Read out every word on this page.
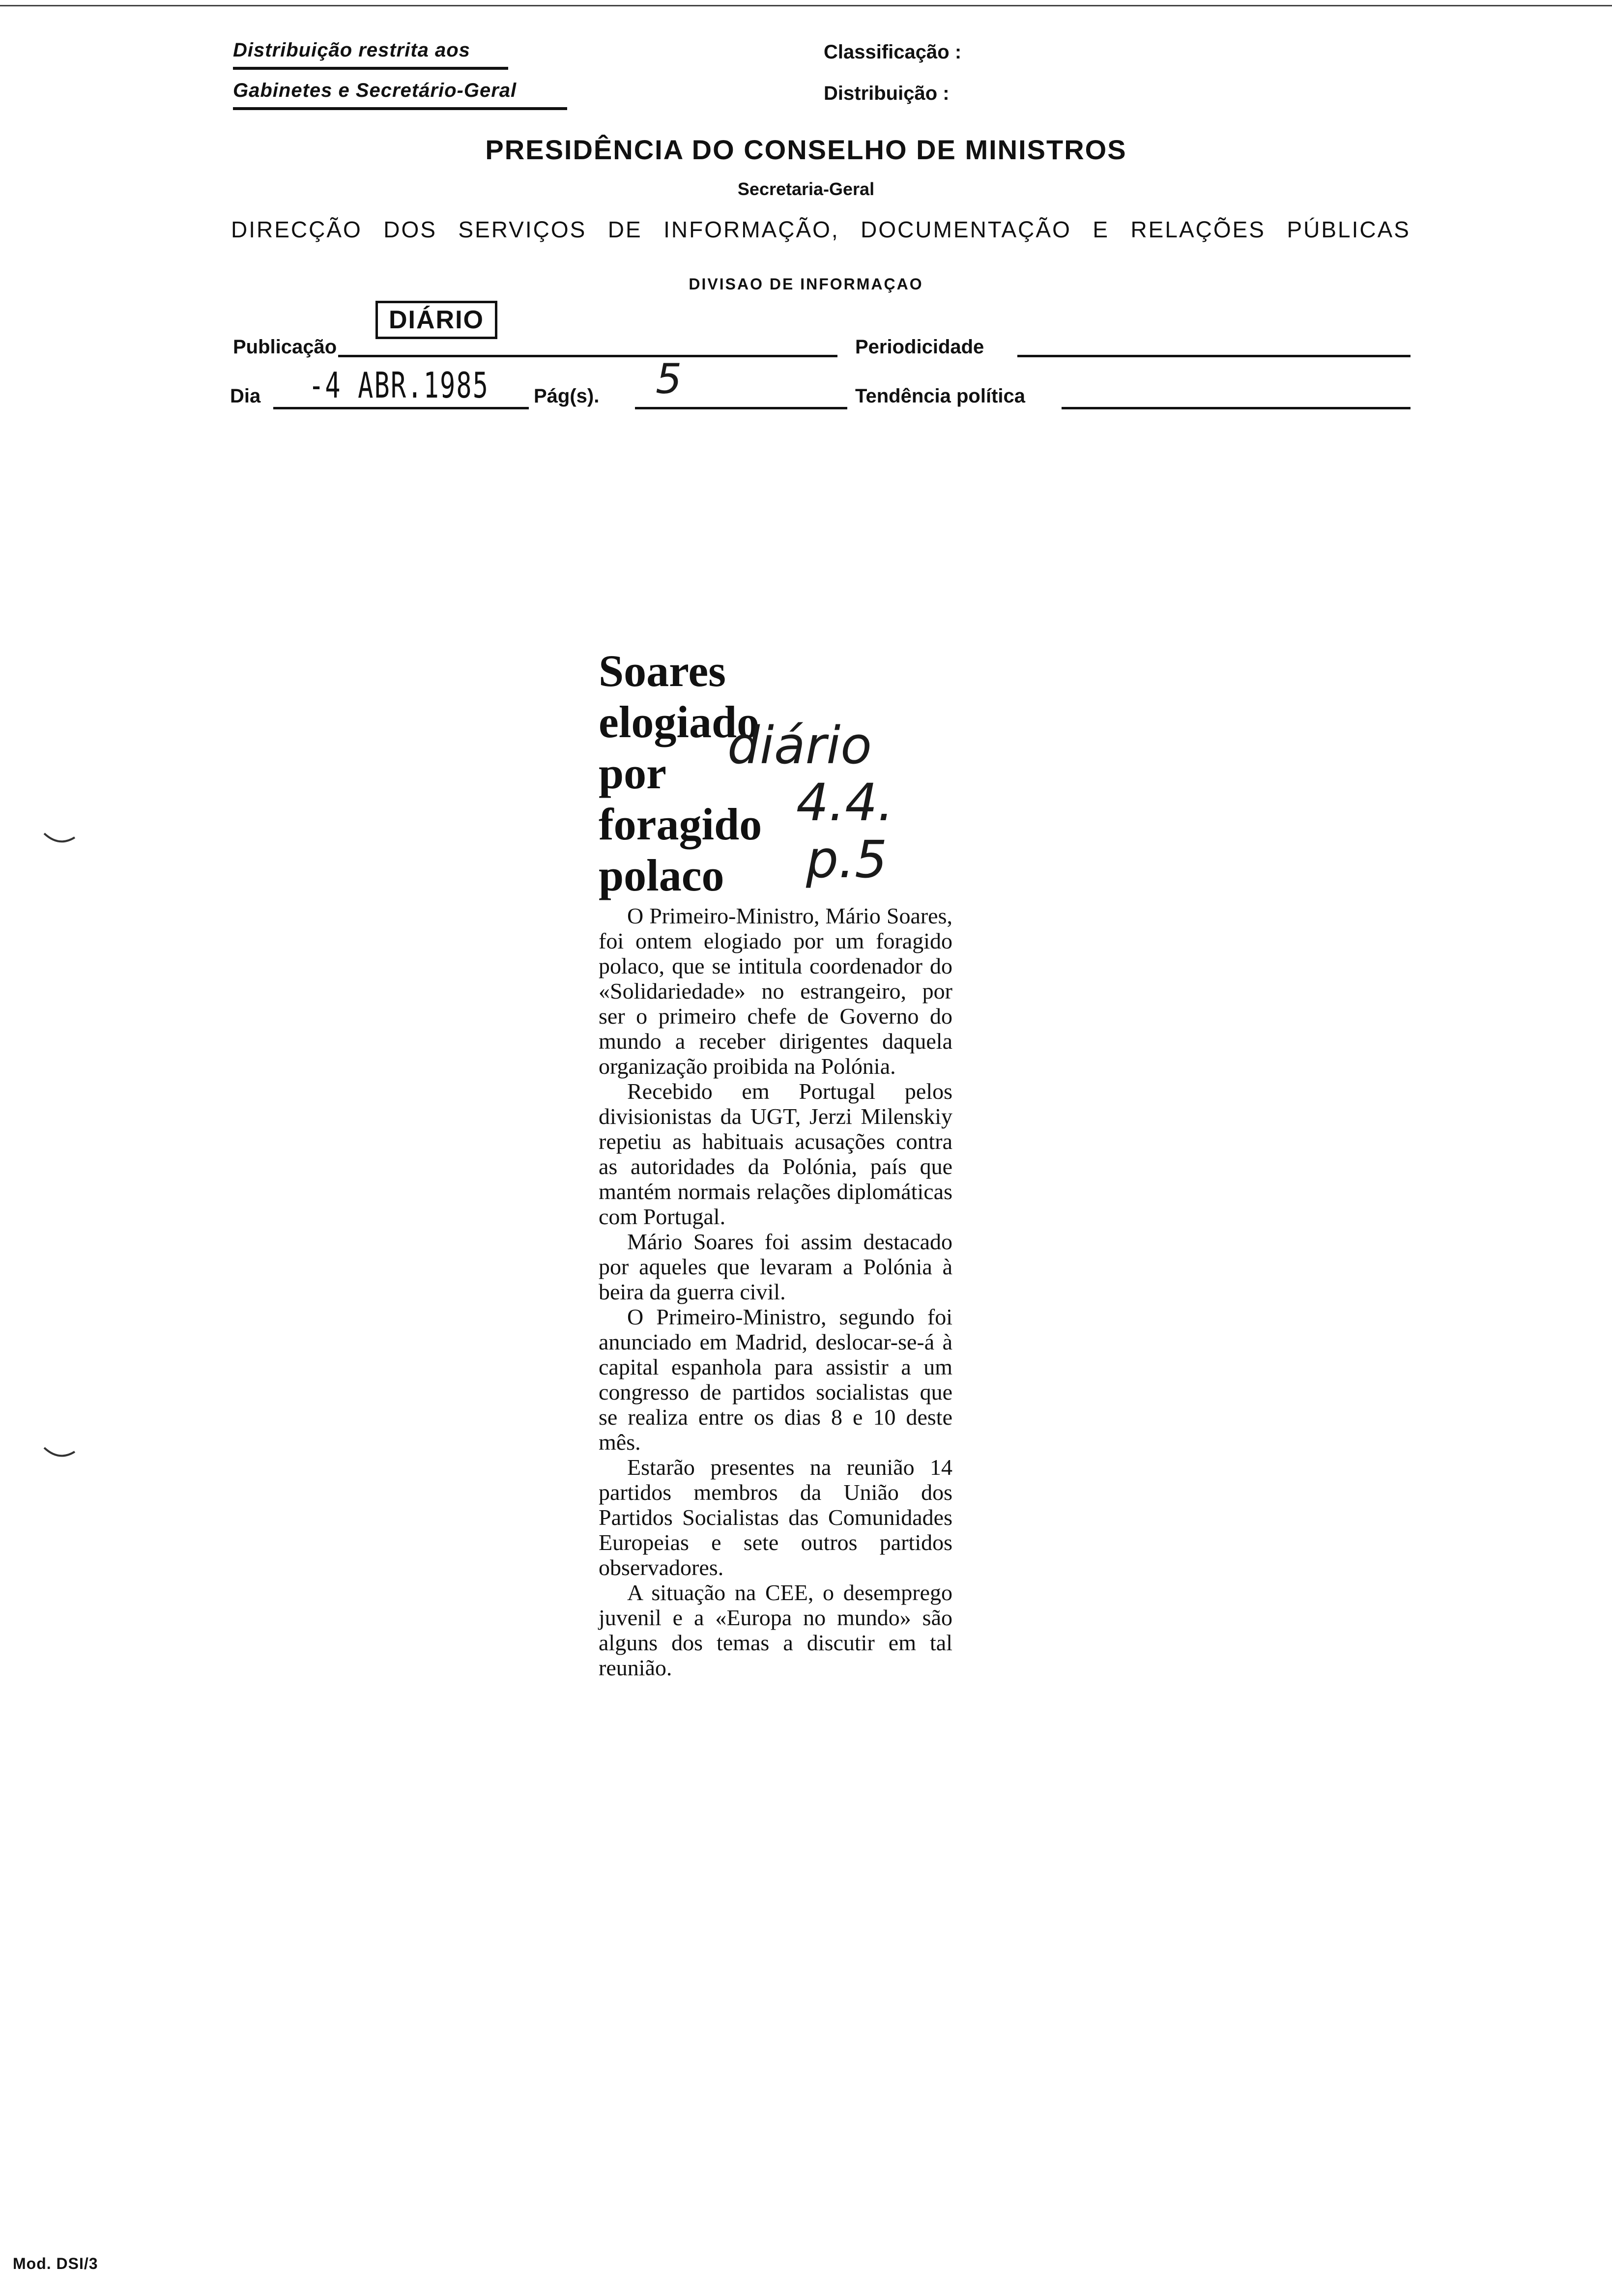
Distribuição restrita aos
Gabinetes e Secretário-Geral
Classificação :
Distribuição :
PRESIDÊNCIA DO CONSELHO DE MINISTROS
Secretaria-Geral
DIRECÇÃO DOS SERVIÇOS DE INFORMAÇÃO, DOCUMENTAÇÃO E RELAÇÕES PÚBLICAS
DIVISAO DE INFORMAÇAO
Publicação
DIÁRIO
Periodicidade
Dia -4 ABR.1985 Pág(s). 5	Tendência política
Soares
elogiado
por
foragido
polaco
diário
4.4.
p.5

O Primeiro-Ministro, Mário Soares, foi ontem elogiado por um foragido polaco, que se intitula coordenador do «Solidariedade» no estrangeiro, por ser o primeiro chefe de Governo do mundo a receber dirigentes daquela organização proibida na Polónia.

Recebido em Portugal pelos divisionistas da UGT, Jerzi Milenskiy repetiu as habituais acusações contra as autoridades da Polónia, país que mantém normais relações diplomáticas com Portugal.

Mário Soares foi assim destacado por aqueles que levaram a Polónia à beira da guerra civil.

O Primeiro-Ministro, segundo foi anunciado em Madrid, deslocar-se-á à capital espanhola para assistir a um congresso de partidos socialistas que se realiza entre os dias 8 e 10 deste mês.

Estarão presentes na reunião 14 partidos membros da União dos Partidos Socialistas das Comunidades Europeias e sete outros partidos observadores.

A situação na CEE, o desemprego juvenil e a «Europa no mundo» são alguns dos temas a discutir em tal reunião.

Mod. DSI/3
